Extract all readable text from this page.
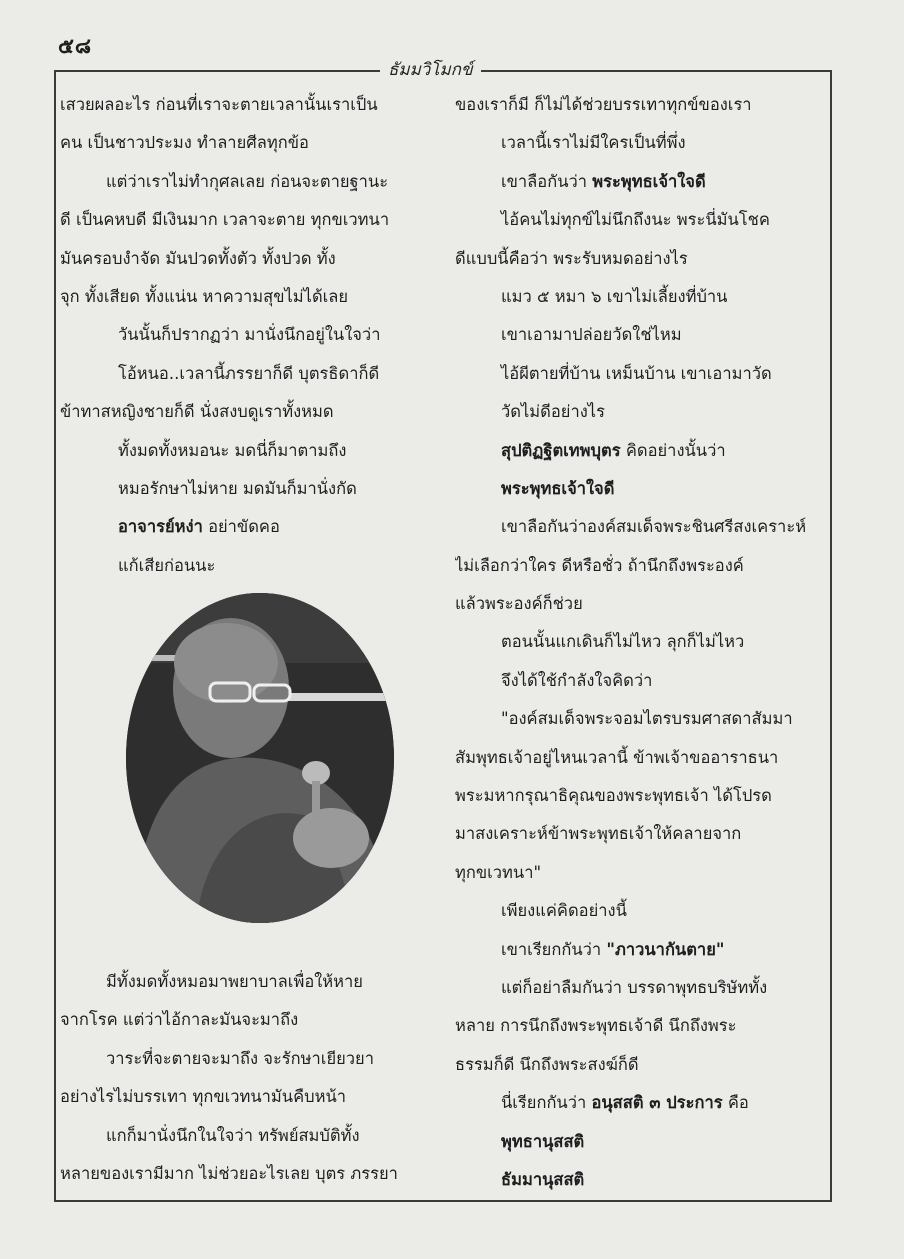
๕๘
ธัมมวิโมกข์
เสวยผลอะไร ก่อนที่เราจะตายเวลานั้นเราเป็น
คน เป็นชาวประมง ทำลายศีลทุกข้อ
แต่ว่าเราไม่ทำกุศลเลย ก่อนจะตายฐานะ
ดี เป็นคหบดี มีเงินมาก เวลาจะตาย ทุกขเวทนา
มันครอบงำจัด มันปวดทั้งตัว ทั้งปวด ทั้ง
จุก ทั้งเสียด ทั้งแน่น หาความสุขไม่ได้เลย
วันนั้นก็ปรากฏว่า มานั่งนึกอยู่ในใจว่า
โอ้หนอ..เวลานี้ภรรยาก็ดี บุตรธิดาก็ดี
ข้าทาสหญิงชายก็ดี นั่งสงบดูเราทั้งหมด
ทั้งมดทั้งหมอนะ มดนี่ก็มาตามถึง
หมอรักษาไม่หาย มดมันก็มานั่งกัด
อาจารย์หง่า อย่าขัดคอ
แก้เสียก่อนนะ
มีทั้งมดทั้งหมอมาพยาบาลเพื่อให้หาย
จากโรค แต่ว่าไอ้กาละมันจะมาถึง
วาระที่จะตายจะมาถึง จะรักษาเยียวยา
อย่างไรไม่บรรเทา ทุกขเวทนามันคืบหน้า
แกก็มานั่งนึกในใจว่า ทรัพย์สมบัติทั้ง
หลายของเรามีมาก ไม่ช่วยอะไรเลย บุตร ภรรยา
ของเราก็มี ก็ไม่ได้ช่วยบรรเทาทุกข์ของเรา
เวลานี้เราไม่มีใครเป็นที่พึ่ง
เขาลือกันว่า พระพุทธเจ้าใจดี
ไอ้คนไม่ทุกข์ไม่นึกถึงนะ พระนี่มันโชค
ดีแบบนี้คือว่า พระรับหมดอย่างไร
แมว ๕ หมา ๖ เขาไม่เลี้ยงที่บ้าน
เขาเอามาปล่อยวัดใช่ไหม
ไอ้ผีตายที่บ้าน เหม็นบ้าน เขาเอามาวัด
วัดไม่ดีอย่างไร
สุปติฏฐิตเทพบุตร คิดอย่างนั้นว่า
พระพุทธเจ้าใจดี
เขาลือกันว่าองค์สมเด็จพระชินศรีสงเคราะห์
ไม่เลือกว่าใคร ดีหรือชั่ว ถ้านึกถึงพระองค์
แล้วพระองค์ก็ช่วย
ตอนนั้นแกเดินก็ไม่ไหว ลุกก็ไม่ไหว
จึงได้ใช้กำลังใจคิดว่า
"องค์สมเด็จพระจอมไตรบรมศาสดาสัมมา
สัมพุทธเจ้าอยู่ไหนเวลานี้ ข้าพเจ้าขออาราธนา
พระมหากรุณาธิคุณของพระพุทธเจ้า ได้โปรด
มาสงเคราะห์ข้าพระพุทธเจ้าให้คลายจาก
ทุกขเวทนา"
เพียงแค่คิดอย่างนี้
เขาเรียกกันว่า "ภาวนากันตาย"
แต่ก็อย่าลืมกันว่า บรรดาพุทธบริษัททั้ง
หลาย การนึกถึงพระพุทธเจ้าดี นึกถึงพระ
ธรรมก็ดี นึกถึงพระสงฆ์ก็ดี
นี่เรียกกันว่า อนุสสติ ๓ ประการ คือ
พุทธานุสสติ
ธัมมานุสสติ
